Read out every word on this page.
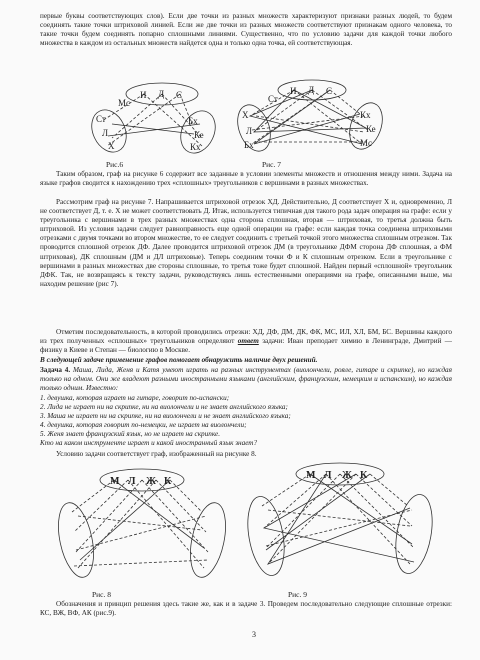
первые буквы соответствующих слов). Если две точки из разных множеств характеризуют признаки разных людей, то будем соединять такие точки штриховой линией. Если же две точки из разных множеств соответствуют признакам одного человека, то такие точки будем соединять попарно сплошными линиями. Существенно, что по условию задачи для каждой точки любого множества в каждом из остальных множеств найдется одна и только одна точка, ей соответствующая.

И Д С
Ст
Л
Х
Бх
Ке
Кх
Мс
Рис.6
И Д С
Х
Л
Бх
Кх
Ке
Мс
Ст
Рис. 7

Таким образом, граф на рисунке 6 содержит все заданные в условии элементы множеств и отношения между ними. Задача на языке графов сводится к нахождению трех «сплошных» треугольников с вершинами в разных множествах.

Рассмотрим граф на рисунке 7. Напрашивается штриховой отрезок ХД. Действительно, Д соответствует Х и, одновременно, Л не соответствует Д, т. е. Х не может соответствовать Д. Итак, используется типичная для такого рода задач операция на графе: если у треугольника с вершинами в трех разных множествах одна сторона сплошная, вторая — штриховая, то третья должна быть штриховой. Из условия задачи следует равноправность еще одной операции на графе: если каждая точка соединена штриховыми отрезками с двумя точками во втором множестве, то ее следует соединить с третьей точкой этого множества сплошным отрезком. Так проводится сплошной отрезок ДФ. Далее проводится штриховой отрезок ДМ (в треугольнике ДФМ сторона ДФ сплошная, а ФМ штриховая), ДК сплошным (ДМ и ДЛ штриховые). Теперь соединим точки Ф и К сплошным отрезком. Если в треугольнике с вершинами в разных множествах две стороны сплошные, то третья тоже будет сплошной. Найден первый «сплошной» треугольник ДФК. Так, не возвращаясь к тексту задачи, руководствуясь лишь естественными операциями на графе, описанными выше, мы находим решение (рис 7).

Отметим последовательность, в которой проводились отрезки: ХД, ДФ, ДМ, ДК, ФК, МС, ИЛ, ХЛ, БМ, БС. Вершины каждого из трех полученных «сплошных» треугольников определяют ответ задачи: Иван преподает химию в Ленинграде, Дмитрий — физику в Киеве и Степан — биологию в Москве.

В следующей задаче применение графов помогает обнаружить наличие двух решений.

Задача 4. Маша, Лида, Женя и Катя умеют играть на разных инструментах (виолончели, рояле, гитаре и скрипке), но каждая только на одном. Они же владеют разными иностранными языками (английским, французским, немецким и испанским), но каждая только одним. Известно:

1. девушка, которая играет на гитаре, говорит по-испански;
2. Лида не играет ни на скрипке, ни на виолончели и не знает английского языка;
3. Маша не играет ни на скрипке, ни на виолончели и не знает английского языка;
4. девушка, которая говорит по-немецки, не играет на виолончели;
5. Женя знает французский язык, но не играет на скрипке.
Кто на каком инструменте играет и какой иностранный язык знает?

Условию задачи соответствует граф, изображенный на рисунке 8.

М Л Ж К
Рис. 8
М Л Ж К
Рис. 9

Обозначения и принцип решения здесь такие же, как и в задаче 3. Проведем последовательно следующие сплошные отрезки: КС, ВЖ, ВФ, АК (рис.9).

3
